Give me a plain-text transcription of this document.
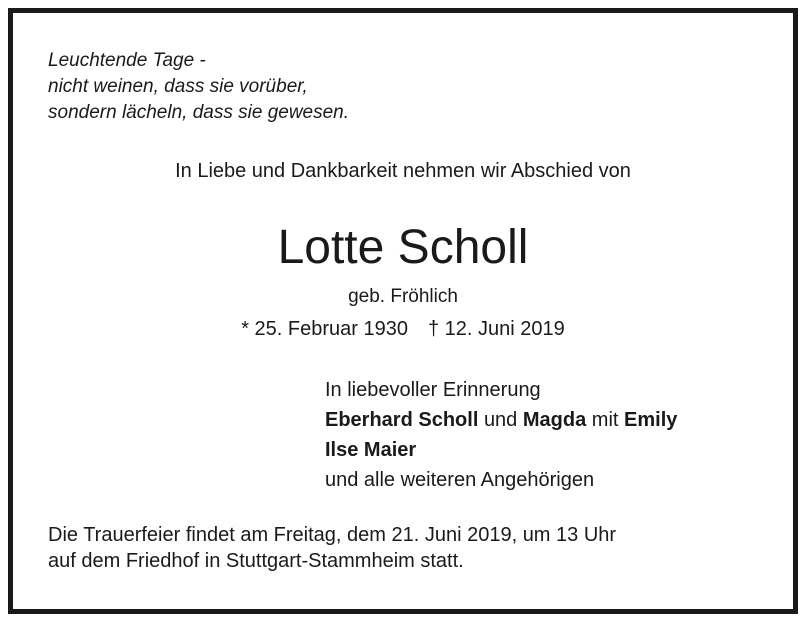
Leuchtende Tage -
nicht weinen, dass sie vorüber,
sondern lächeln, dass sie gewesen.
In Liebe und Dankbarkeit nehmen wir Abschied von
Lotte Scholl
geb. Fröhlich
* 25. Februar 1930 † 12. Juni 2019
In liebevoller Erinnerung
Eberhard Scholl und Magda mit Emily
Ilse Maier
und alle weiteren Angehörigen
Die Trauerfeier findet am Freitag, dem 21. Juni 2019, um 13 Uhr
auf dem Friedhof in Stuttgart-Stammheim statt.
